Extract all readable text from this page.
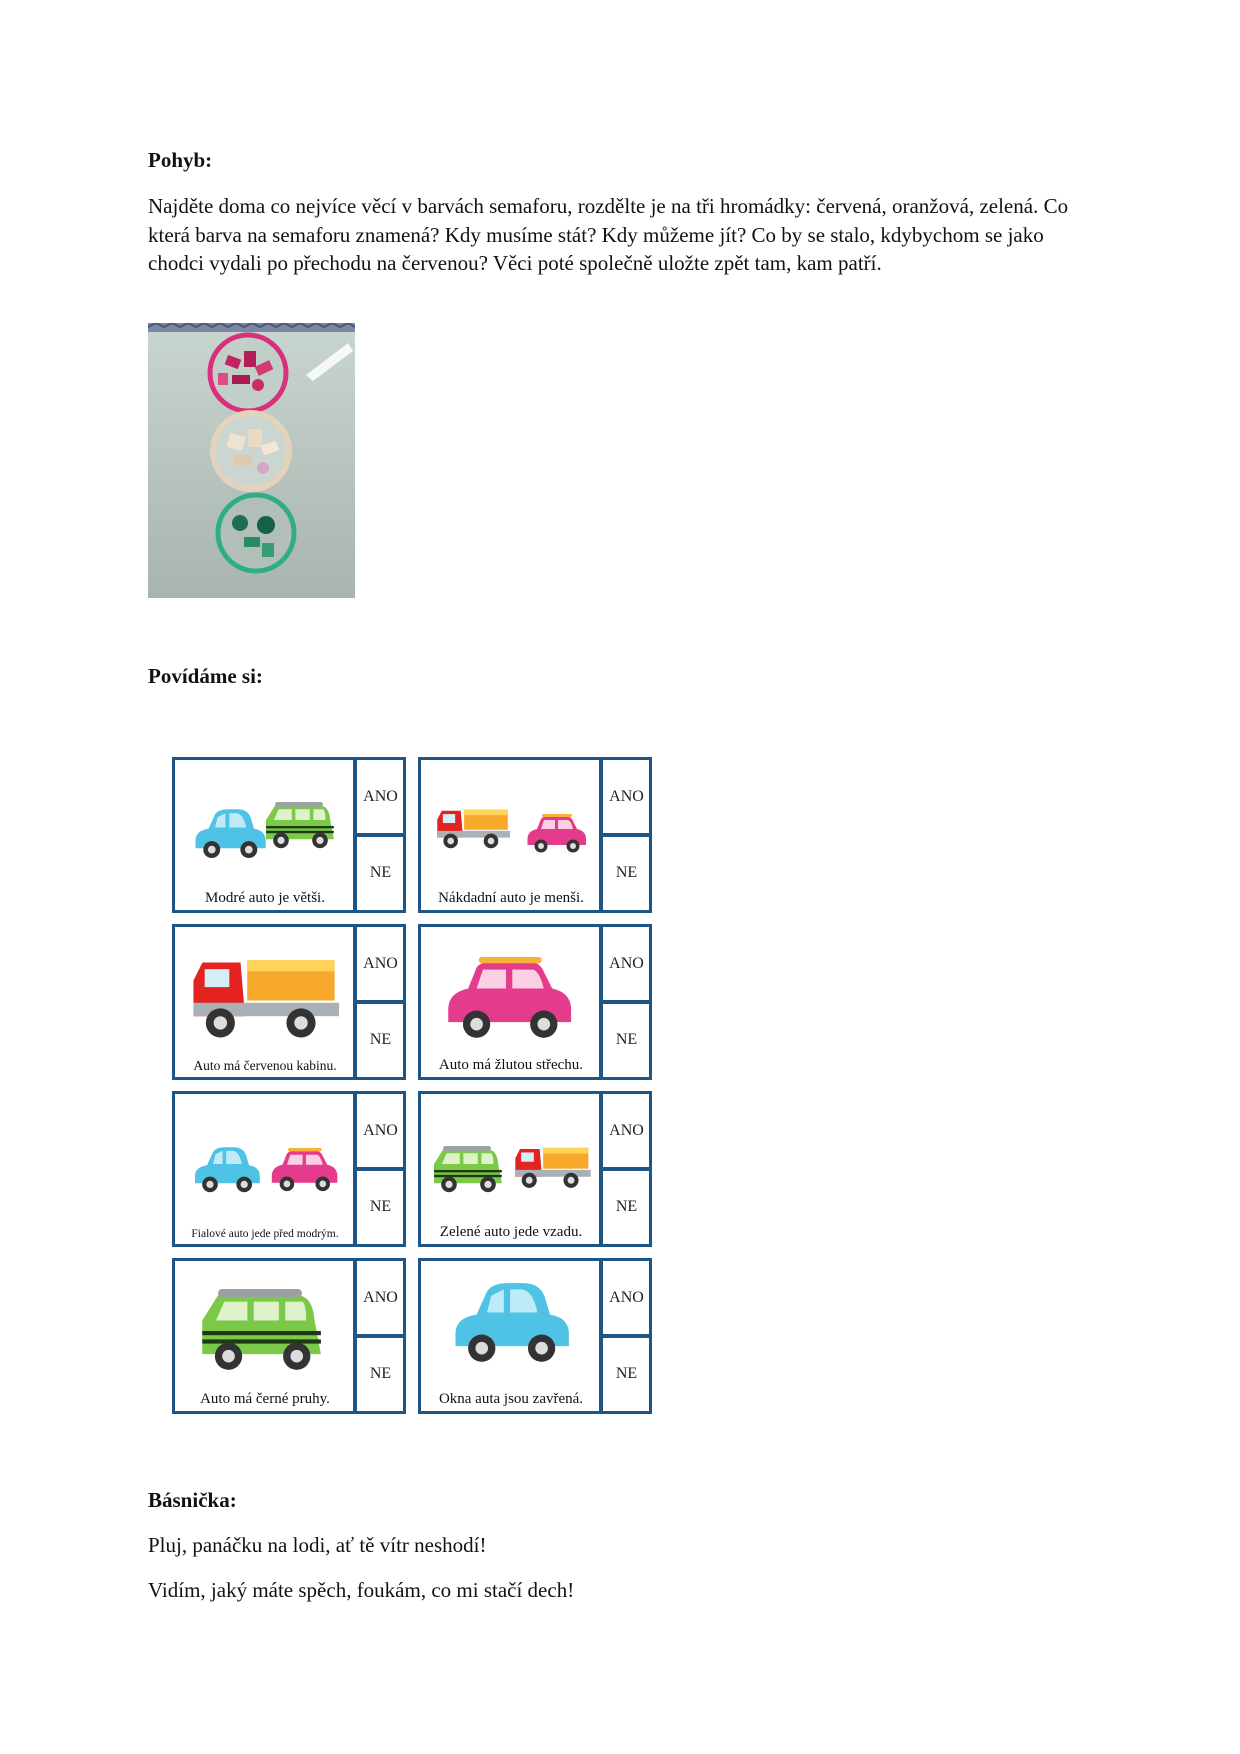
Pohyb:

Najděte doma co nejvíce věcí v barvách semaforu, rozdělte je na tři hromádky: červená, oranžová, zelená. Co která barva na semaforu znamená? Kdy musíme stát? Kdy můžeme jít? Co by se stalo, kdybychom se jako chodci vydali po přechodu na červenou? Věci poté společně uložte zpět tam, kam patří.

Povídáme si:
ANO
NE
Modré auto je větši.
ANO
NE
Nákdadní auto je menši.
ANO
NE
Auto má červenou kabinu.
ANO
NE
Auto má žlutou střechu.
ANO
NE
Fialové auto jede před modrým.
ANO
NE
Zelené auto jede vzadu.
ANO
NE
Auto má černé pruhy.
ANO
NE
Okna auta jsou zavřená.
Básnička:

Pluj, panáčku na lodi, ať tě vítr neshodí!

Vidím, jaký máte spěch, foukám, co mi stačí dech!
